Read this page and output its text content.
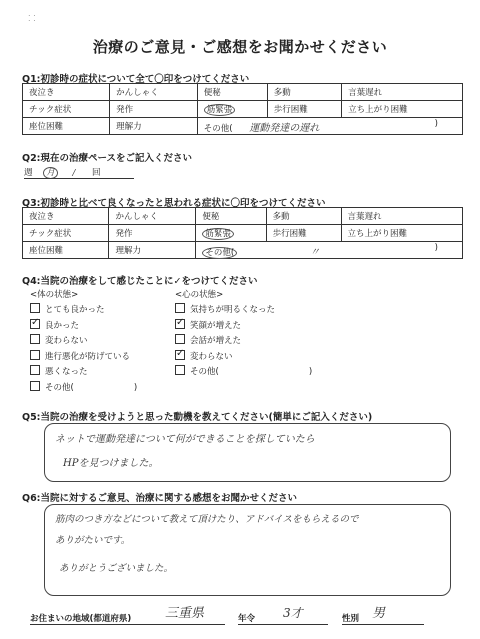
⁚ ⁚
治療のご意見・ご感想をお聞かせください
Q1:初診時の症状について全て〇印をつけてください
夜泣き	かんしゃく	便秘	多動	言葉遅れ
チック症状	発作	筋緊張	歩行困難	立ち上がり困難
座位困難	理解力	その他( 運動発達の遅れ )		
Q2:現在の治療ペースをご記入ください
週 月 / 回
Q3:初診時と比べて良くなったと思われる症状に〇印をつけてください
夜泣き	かんしゃく	便秘	多動	言葉遅れ
チック症状	発作	筋緊張	歩行困難	立ち上がり困難
座位困難	理解力	その他( 〃 )		
Q4:当院の治療をして感じたことに✓をつけてください
<体の状態>	<心の状態>
とても良かった
✓良かった
変わらない
進行悪化が防げている
悪くなった
その他(	)
気持ちが明るくなった
✓笑顔が増えた
会話が増えた
✓変わらない
その他(	)
Q5:当院の治療を受けようと思った動機を教えてください(簡単にご記入ください)
ネットで運動発達について何ができることを探していたら
HPを見つけました。
Q6:当院に対するご意見、治療に関する感想をお聞かせください
筋肉のつき方などについて教えて頂けたり、アドバイスをもらえるので
ありがたいです。
ありがとうございました。
お住まいの地域(都道府県)	三重県	年令 3才	性別 男
